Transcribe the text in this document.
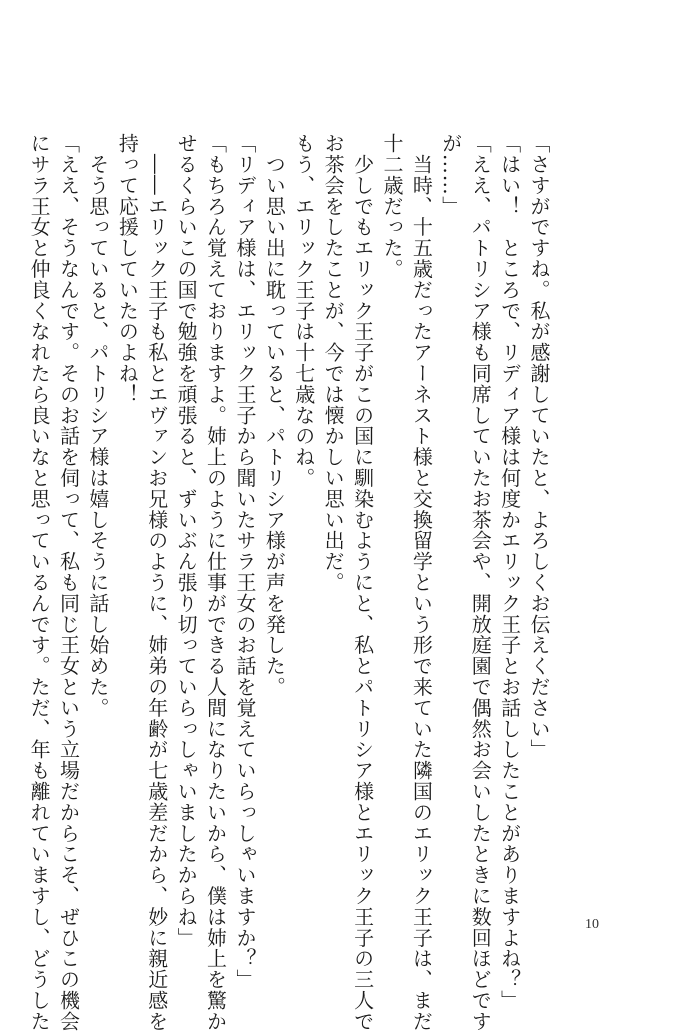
「さすがですね。私が感謝していたと、よろしくお伝えください」
「はい！　ところで、リディア様は何度かエリック王子とお話ししたことがありますよね？」
「ええ、パトリシア様も同席していたお茶会や、開放庭園で偶然お会いしたときに数回ほどです
が……」
　当時、十五歳だったアーネスト様と交換留学という形で来ていた隣国のエリック王子は、まだ
十二歳だった。
　少しでもエリック王子がこの国に馴染むようにと、私とパトリシア様とエリック王子の三人で
お茶会をしたことが、今では懐かしい思い出だ。
もう、エリック王子は十七歳なのね。
　つい思い出に耽っていると、パトリシア様が声を発した。
「リディア様は、エリック王子から聞いたサラ王女のお話を覚えていらっしゃいますか？」
「もちろん覚えておりますよ。姉上のように仕事ができる人間になりたいから、僕は姉上を驚か
せるくらいこの国で勉強を頑張ると、ずいぶん張り切っていらっしゃいましたからね」
　――エリック王子も私とエヴァンお兄様のように、姉弟の年齢が七歳差だから、妙に親近感を
持って応援していたのよね！
　そう思っていると、パトリシア様は嬉しそうに話し始めた。
「ええ、そうなんです。そのお話を伺って、私も同じ王女という立場だからこそ、ぜひこの機会
にサラ王女と仲良くなれたら良いなと思っているんです。ただ、年も離れていますし、どうした	10
